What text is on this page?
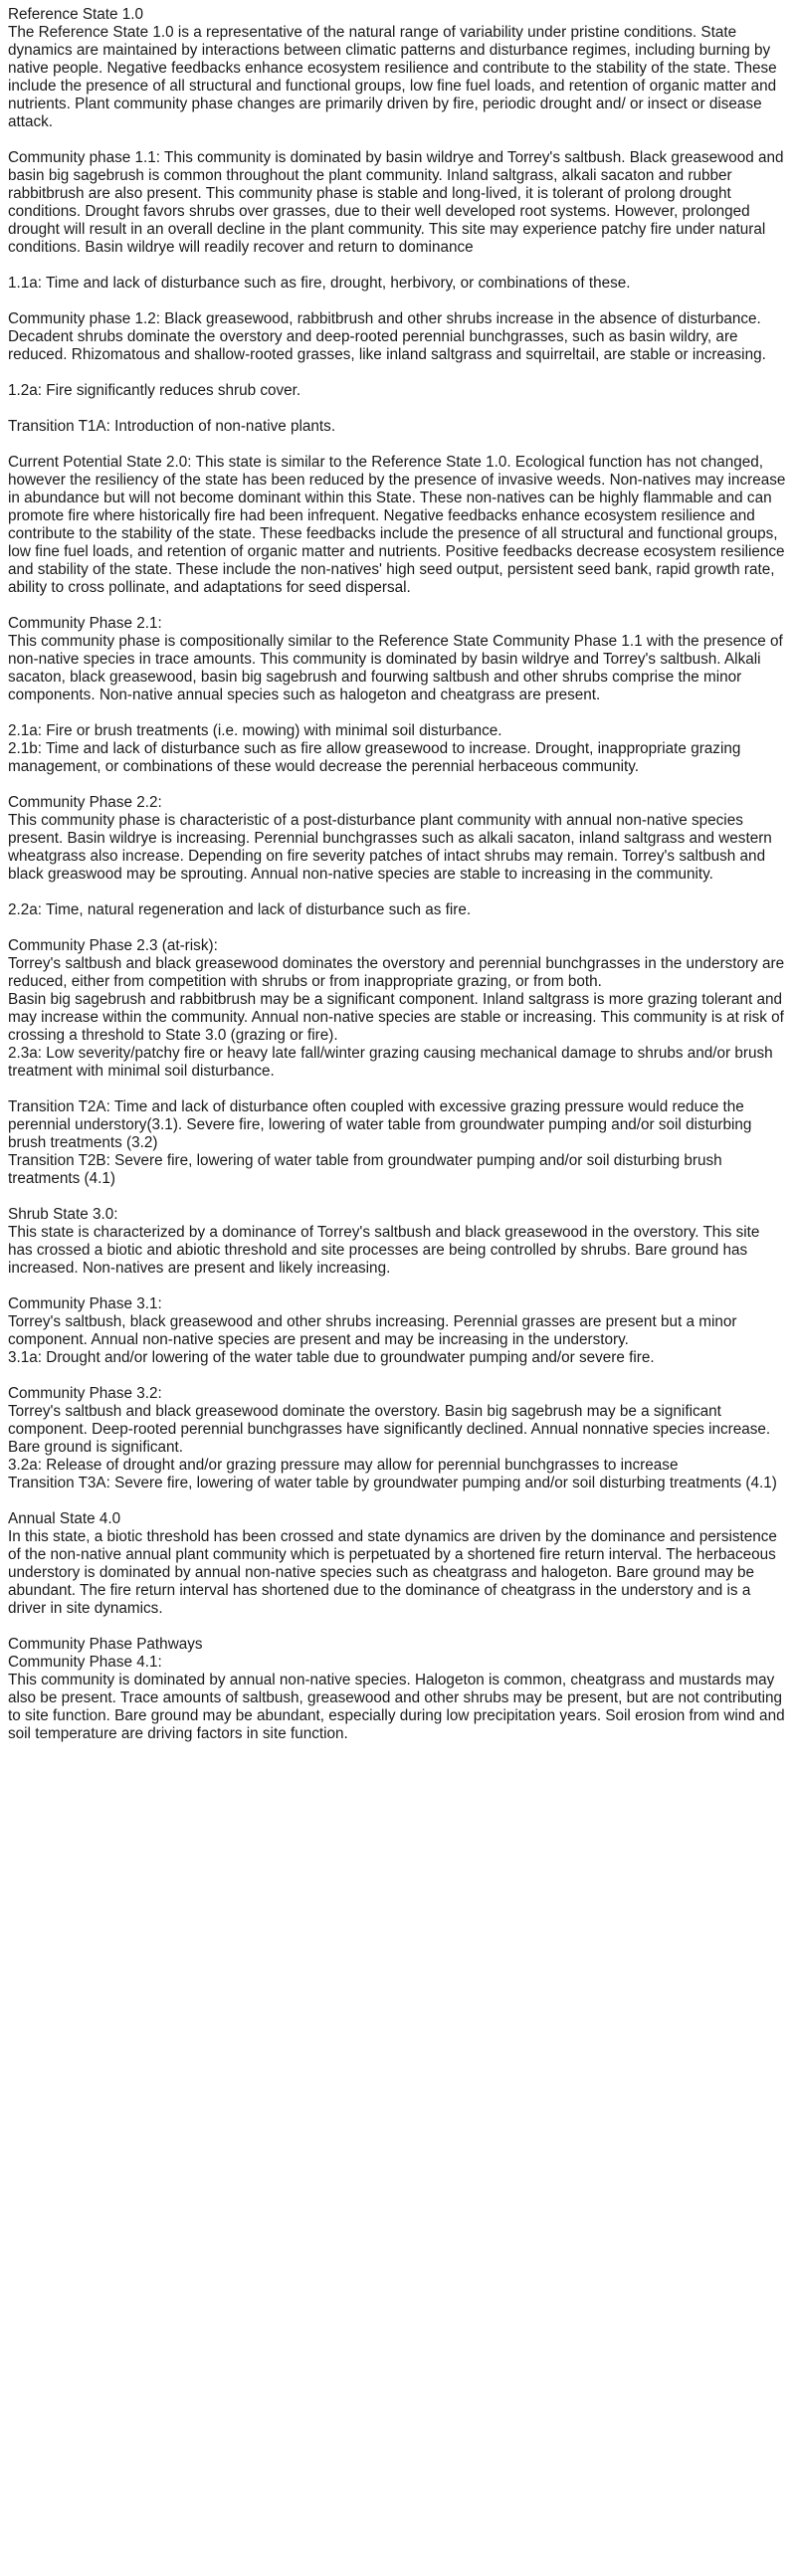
Reference State 1.0

The Reference State 1.0 is a representative of the natural range of variability under pristine conditions. State dynamics are maintained by interactions between climatic patterns and disturbance regimes, including burning by native people. Negative feedbacks enhance ecosystem resilience and contribute to the stability of the state. These include the presence of all structural and functional groups, low fine fuel loads, and retention of organic matter and nutrients. Plant community phase changes are primarily driven by fire, periodic drought and/ or insect or disease attack.

Community phase 1.1: This community is dominated by basin wildrye and Torrey's saltbush. Black greasewood and basin big sagebrush is common throughout the plant community. Inland saltgrass, alkali sacaton and rubber rabbitbrush are also present. This community phase is stable and long-lived, it is tolerant of prolong drought conditions. Drought favors shrubs over grasses, due to their well developed root systems. However, prolonged drought will result in an overall decline in the plant community. This site may experience patchy fire under natural conditions. Basin wildrye will readily recover and return to dominance

1.1a: Time and lack of disturbance such as fire, drought, herbivory, or combinations of these.

Community phase 1.2: Black greasewood, rabbitbrush and other shrubs increase in the absence of disturbance. Decadent shrubs dominate the overstory and deep-rooted perennial bunchgrasses, such as basin wildry, are reduced. Rhizomatous and shallow-rooted grasses, like inland saltgrass and squirreltail, are stable or increasing.

1.2a: Fire significantly reduces shrub cover.

Transition T1A: Introduction of non-native plants.

Current Potential State 2.0: This state is similar to the Reference State 1.0. Ecological function has not changed, however the resiliency of the state has been reduced by the presence of invasive weeds. Non-natives may increase in abundance but will not become dominant within this State. These non-natives can be highly flammable and can promote fire where historically fire had been infrequent. Negative feedbacks enhance ecosystem resilience and contribute to the stability of the state. These feedbacks include the presence of all structural and functional groups, low fine fuel loads, and retention of organic matter and nutrients. Positive feedbacks decrease ecosystem resilience and stability of the state. These include the non-natives' high seed output, persistent seed bank, rapid growth rate, ability to cross pollinate, and adaptations for seed dispersal.

Community Phase 2.1:

This community phase is compositionally similar to the Reference State Community Phase 1.1 with the presence of non-native species in trace amounts. This community is dominated by basin wildrye and Torrey's saltbush. Alkali sacaton, black greasewood, basin big sagebrush and fourwing saltbush and other shrubs comprise the minor components. Non-native annual species such as halogeton and cheatgrass are present.

2.1a: Fire or brush treatments (i.e. mowing) with minimal soil disturbance.

2.1b: Time and lack of disturbance such as fire allow greasewood to increase. Drought, inappropriate grazing management, or combinations of these would decrease the perennial herbaceous community.

Community Phase 2.2:

This community phase is characteristic of a post-disturbance plant community with annual non-native species present. Basin wildrye is increasing. Perennial bunchgrasses such as alkali sacaton, inland saltgrass and western wheatgrass also increase. Depending on fire severity patches of intact shrubs may remain. Torrey's saltbush and black greaswood may be sprouting. Annual non-native species are stable to increasing in the community.

2.2a: Time, natural regeneration and lack of disturbance such as fire.

Community Phase 2.3 (at-risk):

Torrey's saltbush and black greasewood dominates the overstory and perennial bunchgrasses in the understory are reduced, either from competition with shrubs or from inappropriate grazing, or from both.

Basin big sagebrush and rabbitbrush may be a significant component. Inland saltgrass is more grazing tolerant and may increase within the community. Annual non-native species are stable or increasing. This community is at risk of crossing a threshold to State 3.0 (grazing or fire).

2.3a: Low severity/patchy fire or heavy late fall/winter grazing causing mechanical damage to shrubs and/or brush treatment with minimal soil disturbance.

Transition T2A: Time and lack of disturbance often coupled with excessive grazing pressure would reduce the perennial understory(3.1). Severe fire, lowering of water table from groundwater pumping and/or soil disturbing brush treatments (3.2)

Transition T2B: Severe fire, lowering of water table from groundwater pumping and/or soil disturbing brush treatments (4.1)

Shrub State 3.0:

This state is characterized by a dominance of Torrey's saltbush and black greasewood in the overstory. This site has crossed a biotic and abiotic threshold and site processes are being controlled by shrubs. Bare ground has increased. Non-natives are present and likely increasing.

Community Phase 3.1:

Torrey's saltbush, black greasewood and other shrubs increasing. Perennial grasses are present but a minor component. Annual non-native species are present and may be increasing in the understory.

3.1a: Drought and/or lowering of the water table due to groundwater pumping and/or severe fire.

Community Phase 3.2:

Torrey's saltbush and black greasewood dominate the overstory. Basin big sagebrush may be a significant component. Deep-rooted perennial bunchgrasses have significantly declined. Annual nonnative species increase. Bare ground is significant.

3.2a: Release of drought and/or grazing pressure may allow for perennial bunchgrasses to increase

Transition T3A: Severe fire, lowering of water table by groundwater pumping and/or soil disturbing treatments (4.1)

Annual State 4.0

In this state, a biotic threshold has been crossed and state dynamics are driven by the dominance and persistence of the non-native annual plant community which is perpetuated by a shortened fire return interval. The herbaceous understory is dominated by annual non-native species such as cheatgrass and halogeton. Bare ground may be abundant. The fire return interval has shortened due to the dominance of cheatgrass in the understory and is a driver in site dynamics.

Community Phase Pathways

Community Phase 4.1:

This community is dominated by annual non-native species. Halogeton is common, cheatgrass and mustards may also be present. Trace amounts of saltbush, greasewood and other shrubs may be present, but are not contributing to site function. Bare ground may be abundant, especially during low precipitation years. Soil erosion from wind and soil temperature are driving factors in site function.
